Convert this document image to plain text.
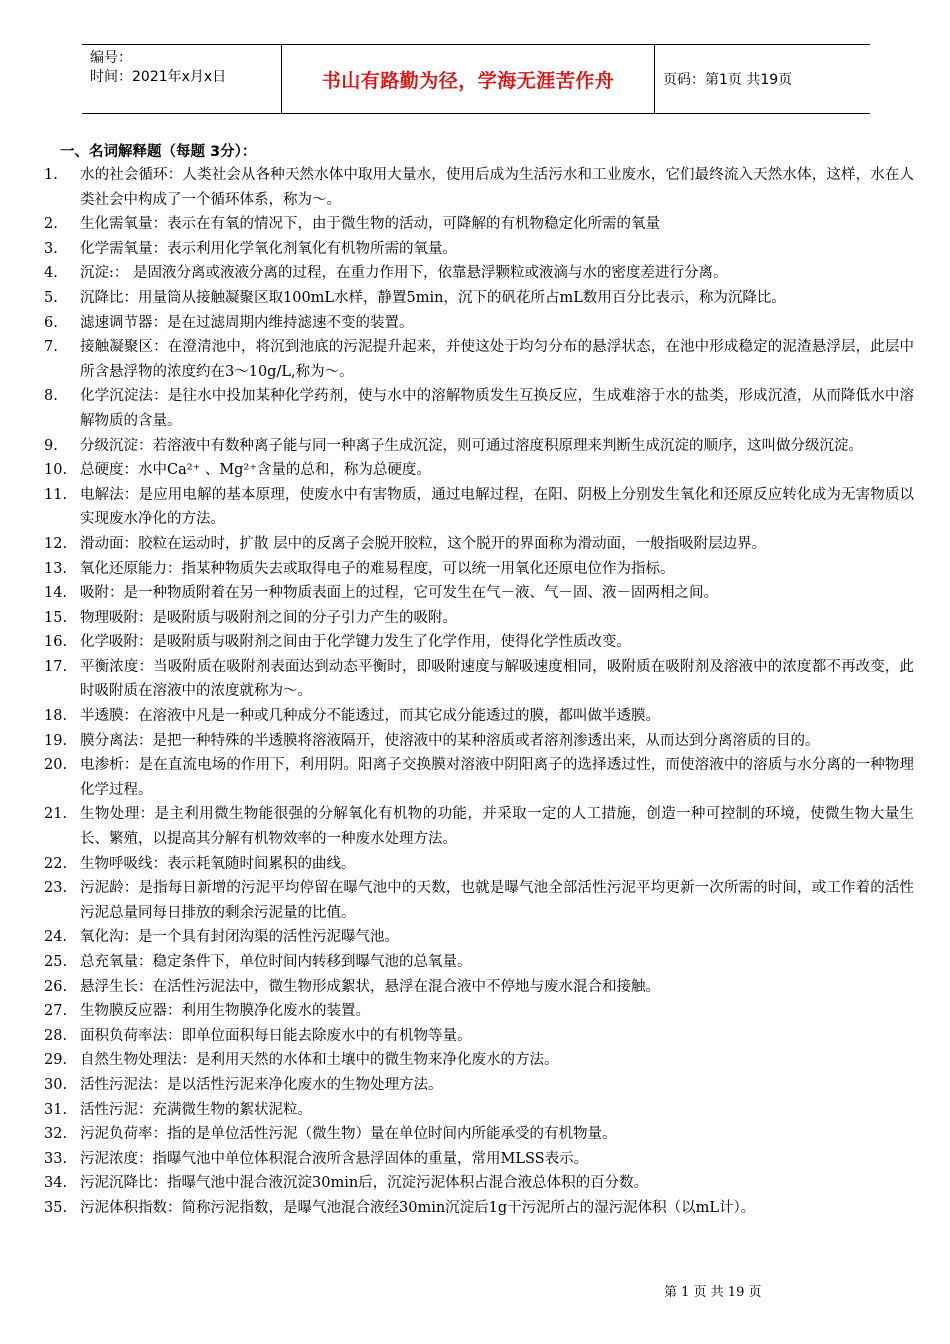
编号：
时间：2021年x月x日	书山有路勤为径，学海无涯苦作舟	页码：第1页 共19页
一、名词解释题（每题 3分）：
1.	水的社会循环：人类社会从各种天然水体中取用大量水，使用后成为生活污水和工业废水，它们最终流入天然水体，这样，水在人类社会中构成了一个循环体系，称为～。
2.	生化需氧量：表示在有氧的情况下，由于微生物的活动，可降解的有机物稳定化所需的氧量
3.	化学需氧量：表示利用化学氧化剂氧化有机物所需的氧量。
4.	沉淀:： 是固液分离或液液分离的过程，在重力作用下，依靠悬浮颗粒或液滴与水的密度差进行分离。
5.	沉降比：用量筒从接触凝聚区取100mL水样，静置5min，沉下的矾花所占mL数用百分比表示，称为沉降比。
6.	滤速调节器：是在过滤周期内维持滤速不变的装置。
7.	接触凝聚区：在澄清池中，将沉到池底的污泥提升起来，并使这处于均匀分布的悬浮状态，在池中形成稳定的泥渣悬浮层，此层中所含悬浮物的浓度约在3～10g/L,称为～。
8.	化学沉淀法：是往水中投加某种化学药剂，使与水中的溶解物质发生互换反应，生成难溶于水的盐类，形成沉渣，从而降低水中溶解物质的含量。
9.	分级沉淀：若溶液中有数种离子能与同一种离子生成沉淀，则可通过溶度积原理来判断生成沉淀的顺序，这叫做分级沉淀。
10. 总硬度：水中Ca²⁺ 、Mg²⁺含量的总和，称为总硬度。
11. 电解法：是应用电解的基本原理，使废水中有害物质，通过电解过程，在阳、阴极上分别发生氧化和还原反应转化成为无害物质以实现废水净化的方法。
12. 滑动面：胶粒在运动时，扩散 层中的反离子会脱开胶粒，这个脱开的界面称为滑动面，一般指吸附层边界。
13. 氧化还原能力：指某种物质失去或取得电子的难易程度，可以统一用氧化还原电位作为指标。
14. 吸附：是一种物质附着在另一种物质表面上的过程，它可发生在气－液、气－固、液－固两相之间。
15. 物理吸附：是吸附质与吸附剂之间的分子引力产生的吸附。
16. 化学吸附：是吸附质与吸附剂之间由于化学键力发生了化学作用，使得化学性质改变。
17. 平衡浓度：当吸附质在吸附剂表面达到动态平衡时，即吸附速度与解吸速度相同，吸附质在吸附剂及溶液中的浓度都不再改变，此时吸附质在溶液中的浓度就称为～。
18. 半透膜：在溶液中凡是一种或几种成分不能透过，而其它成分能透过的膜，都叫做半透膜。
19. 膜分离法：是把一种特殊的半透膜将溶液隔开，使溶液中的某种溶质或者溶剂渗透出来，从而达到分离溶质的目的。
20. 电渗析：是在直流电场的作用下，利用阴。阳离子交换膜对溶液中阴阳离子的选择透过性，而使溶液中的溶质与水分离的一种物理化学过程。
21. 生物处理：是主利用微生物能很强的分解氧化有机物的功能，并采取一定的人工措施，创造一种可控制的环境，使微生物大量生长、繁殖，以提高其分解有机物效率的一种废水处理方法。
22. 生物呼吸线：表示耗氧随时间累积的曲线。
23. 污泥龄：是指每日新增的污泥平均停留在曝气池中的天数，也就是曝气池全部活性污泥平均更新一次所需的时间，或工作着的活性污泥总量同每日排放的剩余污泥量的比值。
24. 氧化沟：是一个具有封闭沟渠的活性污泥曝气池。
25. 总充氧量：稳定条件下，单位时间内转移到曝气池的总氧量。
26. 悬浮生长：在活性污泥法中，微生物形成絮状，悬浮在混合液中不停地与废水混合和接触。
27. 生物膜反应器：利用生物膜净化废水的装置。
28. 面积负荷率法：即单位面积每日能去除废水中的有机物等量。
29. 自然生物处理法：是利用天然的水体和土壤中的微生物来净化废水的方法。
30. 活性污泥法：是以活性污泥来净化废水的生物处理方法。
31. 活性污泥：充满微生物的絮状泥粒。
32. 污泥负荷率：指的是单位活性污泥（微生物）量在单位时间内所能承受的有机物量。
33. 污泥浓度：指曝气池中单位体积混合液所含悬浮固体的重量，常用MLSS表示。
34. 污泥沉降比：指曝气池中混合液沉淀30min后，沉淀污泥体积占混合液总体积的百分数。
35. 污泥体积指数：简称污泥指数，是曝气池混合液经30min沉淀后1g干污泥所占的湿污泥体积（以mL计）。
第 1 页 共 19 页
